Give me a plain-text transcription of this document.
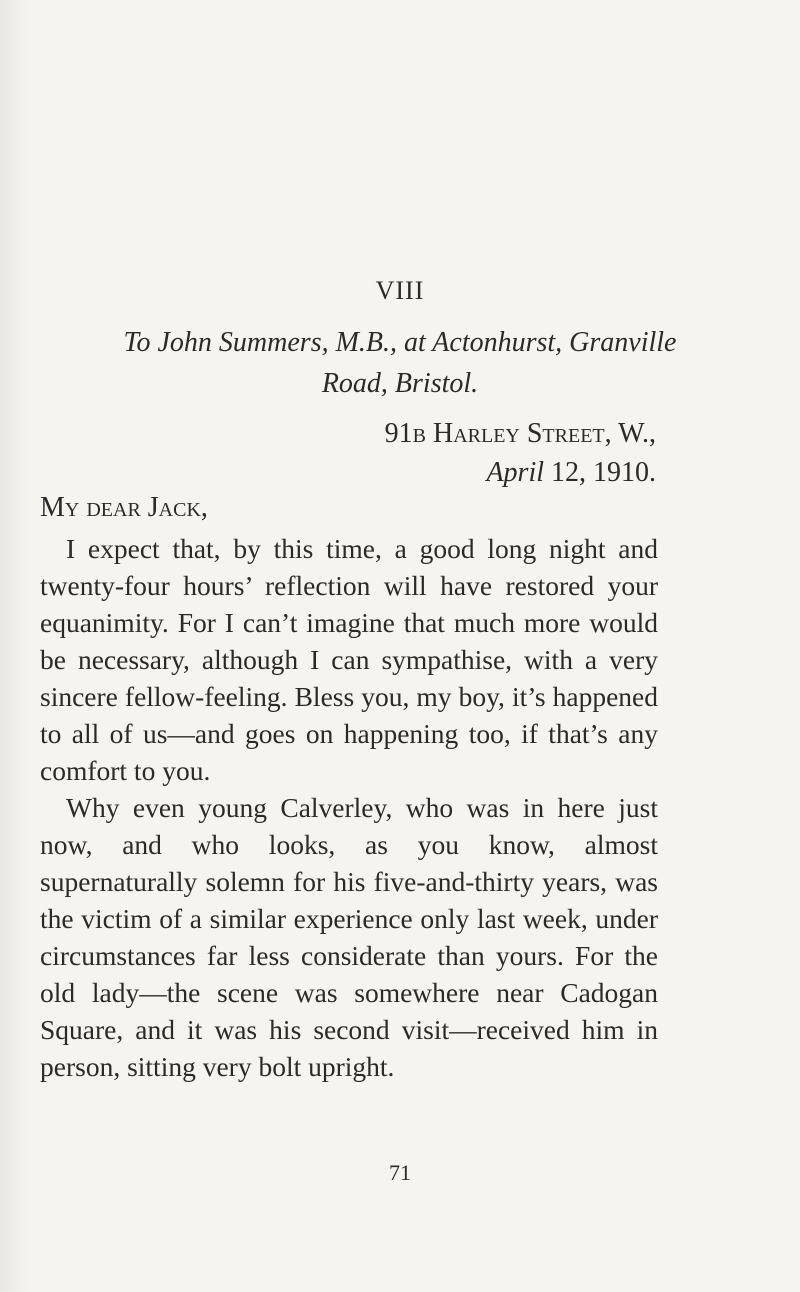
VIII
To John Summers, M.B., at Actonhurst, Granville
Road, Bristol.
91b Harley Street, W.,
April 12, 1910.
My dear Jack,

I expect that, by this time, a good long night and twenty-four hours’ reflection will have restored your equanimity. For I can’t imagine that much more would be necessary, although I can sympathise, with a very sincere fellow-feeling. Bless you, my boy, it’s happened to all of us—and goes on happening too, if that’s any comfort to you.

Why even young Calverley, who was in here just now, and who looks, as you know, almost supernaturally solemn for his five-and-thirty years, was the victim of a similar experience only last week, under circumstances far less considerate than yours. For the old lady—the scene was somewhere near Cadogan Square, and it was his second visit—received him in person, sitting very bolt upright.

71
